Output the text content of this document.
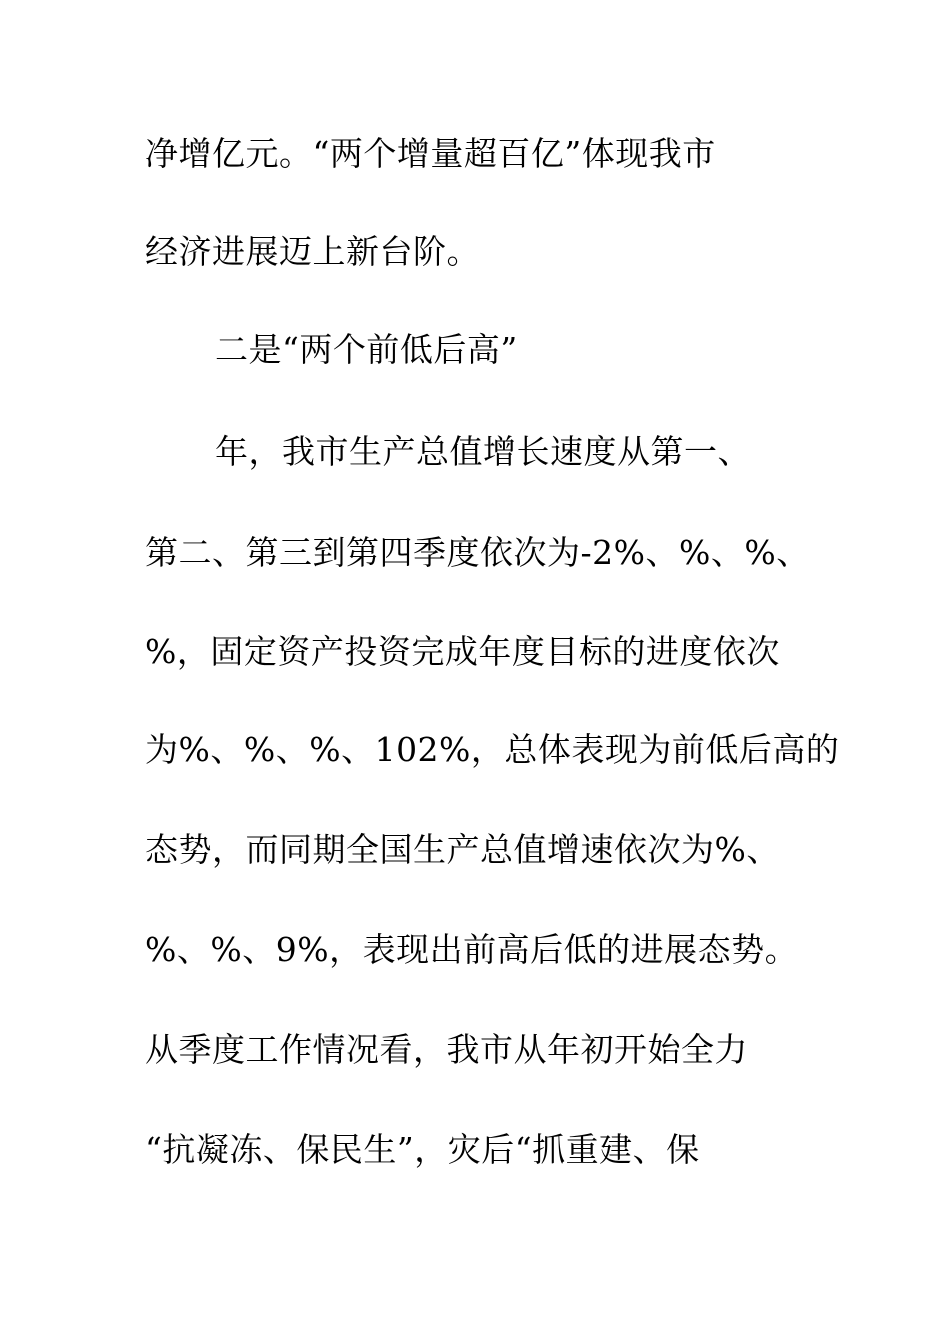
净增亿元。“两个增量超百亿”体现我市
经济进展迈上新台阶。
二是“两个前低后高”
年，我市生产总值增长速度从第一、
第二、第三到第四季度依次为-2%、%、%、
%，固定资产投资完成年度目标的进度依次
为%、%、%、102%，总体表现为前低后高的
态势，而同期全国生产总值增速依次为%、
%、%、9%，表现出前高后低的进展态势。
从季度工作情况看，我市从年初开始全力
“抗凝冻、保民生”，灾后“抓重建、保
